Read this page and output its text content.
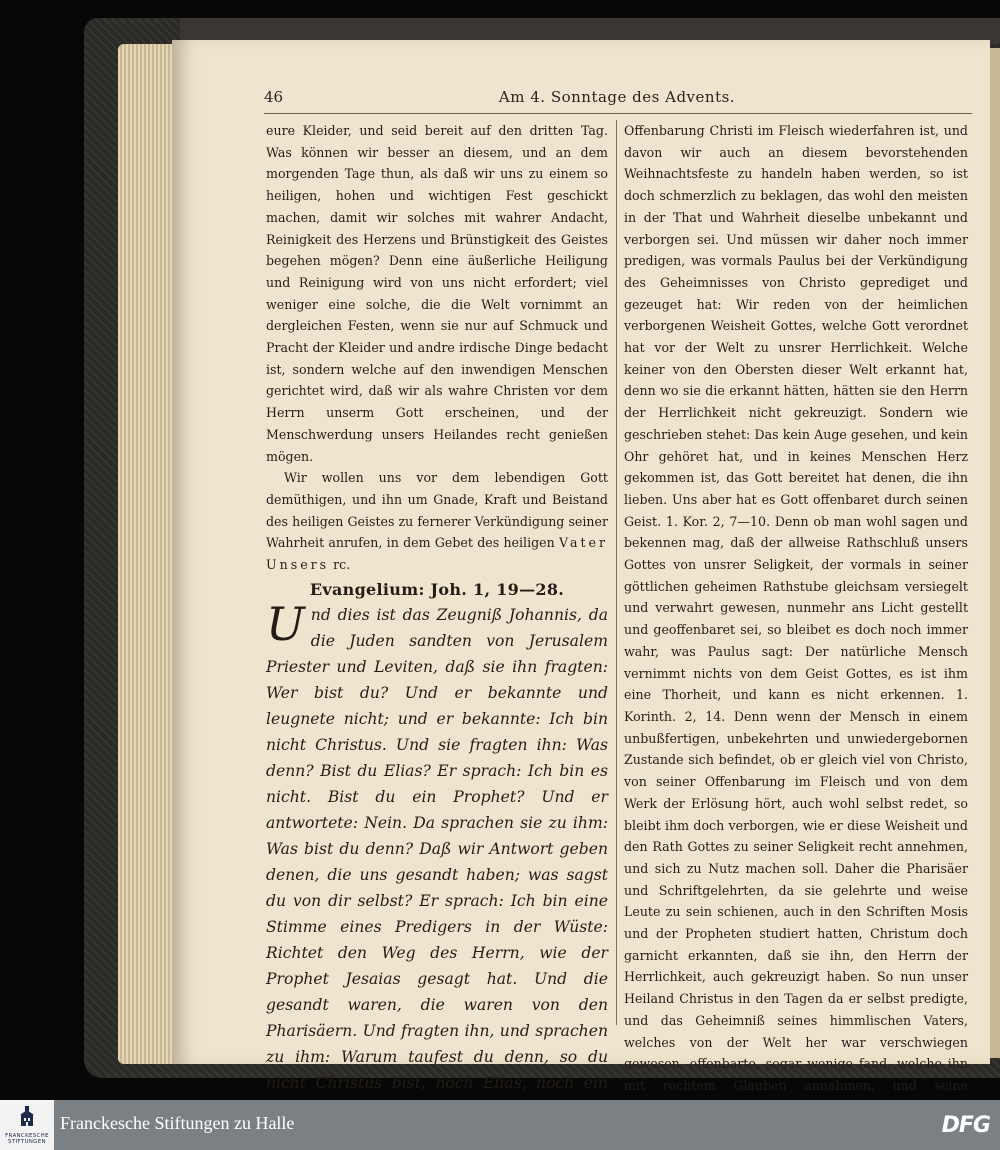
46	Am 4. Sonntage des Advents.

eure Kleider, und seid bereit auf den dritten Tag. Was können wir besser an diesem, und an dem morgenden Tage thun, als daß wir uns zu einem so heiligen, hohen und wichtigen Fest geschickt machen, damit wir solches mit wahrer Andacht, Reinigkeit des Herzens und Brünstigkeit des Geistes begehen mögen? Denn eine äußerliche Heiligung und Reinigung wird von uns nicht erfordert; viel weniger eine solche, die die Welt vornimmt an dergleichen Festen, wenn sie nur auf Schmuck und Pracht der Kleider und andre irdische Dinge bedacht ist, sondern welche auf den inwendigen Menschen gerichtet wird, daß wir als wahre Christen vor dem Herrn unserm Gott erscheinen, und der Menschwerdung unsers Heilandes recht genießen mögen.

Wir wollen uns vor dem lebendigen Gott demüthigen, und ihn um Gnade, Kraft und Beistand des heiligen Geistes zu fernerer Verkündigung seiner Wahrheit anrufen, in dem Gebet des heiligen Vater Unsers rc.

Evangelium: Joh. 1, 19—28.

Und dies ist das Zeugniß Johannis, da die Juden sandten von Jerusalem Priester und Leviten, daß sie ihn fragten: Wer bist du? Und er bekannte und leugnete nicht; und er bekannte: Ich bin nicht Christus. Und sie fragten ihn: Was denn? Bist du Elias? Er sprach: Ich bin es nicht. Bist du ein Prophet? Und er antwortete: Nein. Da sprachen sie zu ihm: Was bist du denn? Daß wir Antwort geben denen, die uns gesandt haben; was sagst du von dir selbst? Er sprach: Ich bin eine Stimme eines Predigers in der Wüste: Richtet den Weg des Herrn, wie der Prophet Jesaias gesagt hat. Und die gesandt waren, die waren von den Pharisäern. Und fragten ihn, und sprachen zu ihm: Warum taufest du denn, so du nicht Christus bist, noch Elias, noch ein

Offenbarung Christi im Fleisch wiederfahren ist, und davon wir auch an diesem bevorstehenden Weihnachtsfeste zu handeln haben werden, so ist doch schmerzlich zu beklagen, das wohl den meisten in der That und Wahrheit dieselbe unbekannt und verborgen sei. Und müssen wir daher noch immer predigen, was vormals Paulus bei der Verkündigung des Geheimnisses von Christo geprediget und gezeuget hat: Wir reden von der heimlichen verborgenen Weisheit Gottes, welche Gott verordnet hat vor der Welt zu unsrer Herrlichkeit. Welche keiner von den Obersten dieser Welt erkannt hat, denn wo sie die erkannt hätten, hätten sie den Herrn der Herrlichkeit nicht gekreuzigt. Sondern wie geschrieben stehet: Das kein Auge gesehen, und kein Ohr gehöret hat, und in keines Menschen Herz gekommen ist, das Gott bereitet hat denen, die ihn lieben. Uns aber hat es Gott offenbaret durch seinen Geist. 1. Kor. 2, 7—10. Denn ob man wohl sagen und bekennen mag, daß der allweise Rathschluß unsers Gottes von unsrer Seligkeit, der vormals in seiner göttlichen geheimen Rathstube gleichsam versiegelt und verwahrt gewesen, nunmehr ans Licht gestellt und geoffenbaret sei, so bleibet es doch noch immer wahr, was Paulus sagt: Der natürliche Mensch vernimmt nichts von dem Geist Gottes, es ist ihm eine Thorheit, und kann es nicht erkennen. 1. Korinth. 2, 14. Denn wenn der Mensch in einem unbußfertigen, unbekehrten und unwiedergebornen Zustande sich befindet, ob er gleich viel von Christo, von seiner Offenbarung im Fleisch und von dem Werk der Erlösung hört, auch wohl selbst redet, so bleibt ihm doch verborgen, wie er diese Weisheit und den Rath Gottes zu seiner Seligkeit recht annehmen, und sich zu Nutz machen soll. Daher die Pharisäer und Schriftgelehrten, da sie gelehrte und weise Leute zu sein schienen, auch in den Schriften Mosis und der Propheten studiert hatten, Christum doch garnicht erkannten, daß sie ihn, den Herrn der Herrlichkeit, auch gekreuzigt haben. So nun unser Heiland Christus in den Tagen da er selbst predigte, und das Geheimniß seines himmlischen Vaters, welches von der Welt her war verschwiegen gewesen, offenbarte, sogar wenige fand, welche ihn mit rechtem Glauben annahmen, und seine

FRANCKESCHE
STIFTUNGEN
Franckesche Stiftungen zu Halle	DFG
